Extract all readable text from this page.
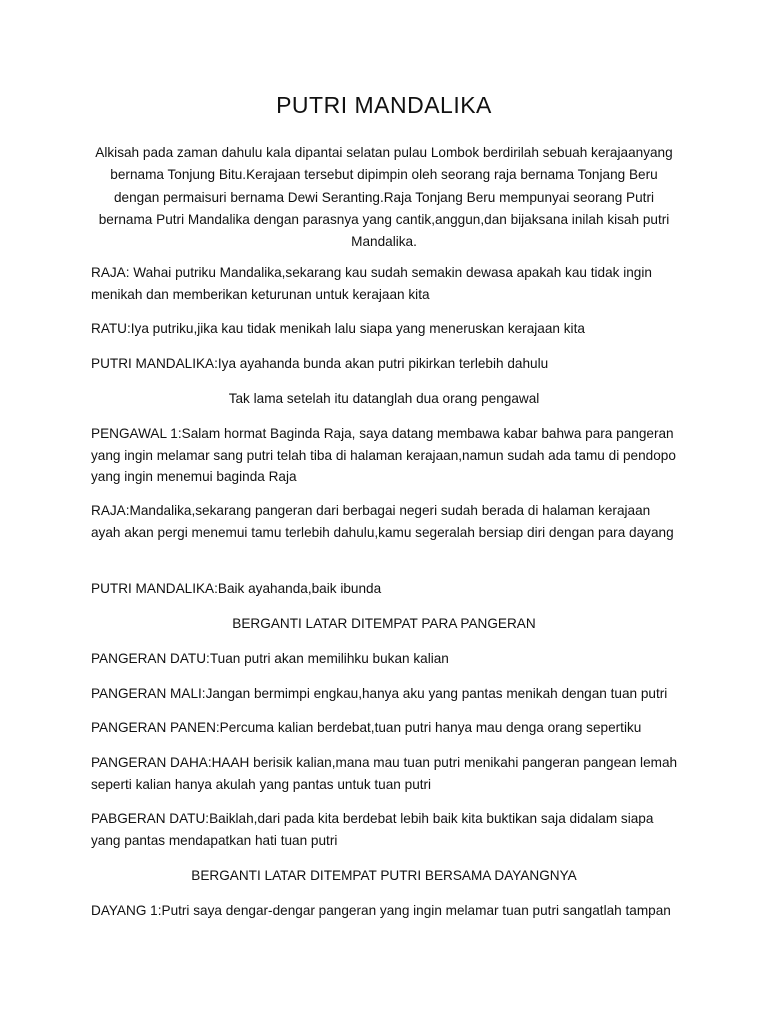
PUTRI MANDALIKA
Alkisah pada zaman dahulu kala dipantai selatan pulau Lombok berdirilah sebuah kerajaanyang bernama Tonjung Bitu.Kerajaan tersebut dipimpin oleh seorang raja bernama Tonjang Beru dengan permaisuri bernama Dewi Seranting.Raja Tonjang Beru mempunyai seorang Putri bernama Putri Mandalika dengan parasnya yang cantik,anggun,dan bijaksana inilah kisah putri Mandalika.
RAJA: Wahai putriku Mandalika,sekarang kau sudah semakin dewasa apakah kau tidak ingin menikah dan memberikan keturunan untuk kerajaan kita
RATU:Iya putriku,jika kau tidak menikah lalu siapa yang meneruskan kerajaan kita
PUTRI MANDALIKA:Iya ayahanda bunda akan putri pikirkan terlebih dahulu
Tak lama setelah itu datanglah dua orang pengawal
PENGAWAL 1:Salam hormat Baginda Raja, saya datang membawa kabar bahwa para pangeran yang ingin melamar sang putri telah tiba di halaman kerajaan,namun sudah ada tamu di pendopo yang ingin menemui baginda Raja
RAJA:Mandalika,sekarang pangeran dari berbagai negeri sudah berada di halaman kerajaan ayah akan pergi menemui tamu terlebih dahulu,kamu segeralah bersiap diri dengan para dayang
PUTRI MANDALIKA:Baik ayahanda,baik ibunda
BERGANTI LATAR DITEMPAT PARA PANGERAN
PANGERAN DATU:Tuan putri akan memilihku bukan kalian
PANGERAN MALI:Jangan bermimpi engkau,hanya aku yang pantas menikah dengan tuan putri
PANGERAN PANEN:Percuma kalian berdebat,tuan putri hanya mau denga orang sepertiku
PANGERAN DAHA:HAAH berisik kalian,mana mau tuan putri menikahi pangeran pangean lemah seperti kalian hanya akulah yang pantas untuk tuan putri
PABGERAN DATU:Baiklah,dari pada kita berdebat lebih baik kita buktikan saja didalam siapa yang pantas mendapatkan hati tuan putri
BERGANTI LATAR DITEMPAT PUTRI BERSAMA DAYANGNYA
DAYANG 1:Putri saya dengar-dengar pangeran yang ingin melamar tuan putri sangatlah tampan
